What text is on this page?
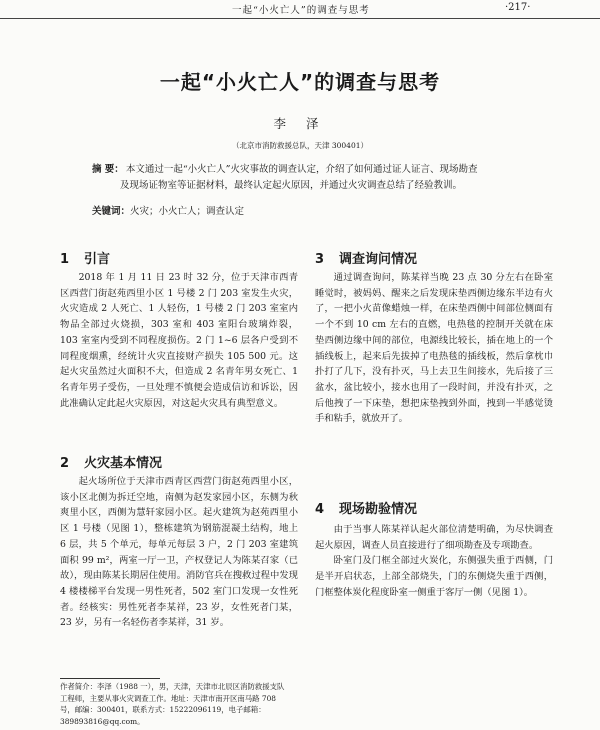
一起“小火亡人”的调查与思考	·217·
一起“小火亡人”的调查与思考
李 泽
（北京市消防救援总队，天津 300401）

摘 要： 本文通过一起“小火亡人”火灾事故的调查认定，介绍了如何通过证人证言、现场勘查

及现场证物室等证据材料，最终认定起火原因，并通过火灾调查总结了经验教训。

关键词：火灾；小火亡人；调查认定
1 引言

2018 年 1 月 11 日 23 时 32 分，位于天津市西青区西营门街赵苑西里小区 1 号楼 2 门 203 室发生火灾，火灾造成 2 人死亡、1 人轻伤，1 号楼 2 门 203 室室内物品全部过火烧损，303 室和 403 室阳台玻璃炸裂，103 室室内受到不同程度损伤。2 门 1~6 层各户受到不同程度烟熏，经统计火灾直接财产损失 105 500 元。这起火灾虽然过火面积不大，但造成 2 名青年男女死亡、1 名青年男子受伤，一旦处理不慎便会造成信访和诉讼，因此准确认定此起火灾原因，对这起火灾具有典型意义。

2 火灾基本情况

起火场所位于天津市西青区西营门街赵苑西里小区，该小区北侧为拆迁空地，南侧为赵发家园小区，东侧为秋爽里小区，西侧为慧轩家园小区。起火建筑为赵苑西里小区 1 号楼（见图 1），整栋建筑为钢筋混凝土结构，地上 6 层，共 5 个单元，每单元每层 3 户，2 门 203 室建筑面积 99 m²，两室一厅一卫，产权登记人为陈某召家（已故），现由陈某长期居住使用。消防官兵在搜救过程中发现 4 楼楼梯平台发现一男性死者，502 室门口发现一女性死者。经核实：男性死者李某祥，23 岁，女性死者门某，23 岁，另有一名轻伤者李某祥，31 岁。

3 调查询问情况

通过调查询问，陈某祥当晚 23 点 30 分左右在卧室睡觉时，被妈妈、醒来之后发现床垫西侧边缘东半边有火了，一把小火苗像蜡烛一样，在床垫西侧中间部位侧面有一个不到 10 cm 左右的直燃，电热毯的控制开关就在床垫西侧边缘中间的部位，电源线比较长，插在地上的一个插线板上，起来后先拔掉了电热毯的插线板，然后拿枕巾扑打了几下，没有扑灭，马上去卫生间接水，先后接了三盆水，盆比较小，接水也用了一段时间，并没有扑灭，之后他拽了一下床垫，想把床垫拽到外面，拽到一半感觉烫手和粘手，就放开了。

4 现场勘验情况

由于当事人陈某祥认起火部位清楚明确，为尽快调查起火原因，调查人员直接进行了细项勘查及专项勘查。

卧室门及门框全部过火炭化，东侧强失重于西侧，门是半开启状态，上部全部烧失，门的东侧烧失重于西侧，门框整体炭化程度卧室一侧重于客厅一侧（见图 1）。

作者简介：李泽（1988 一），男，天津，天津市北辰区消防救援支队工程师，主要从事火灾调查工作。地址：天津市南开区南马路 708 号，邮编：300401，联系方式：15222096119，电子邮箱：389893816@qq.com。
